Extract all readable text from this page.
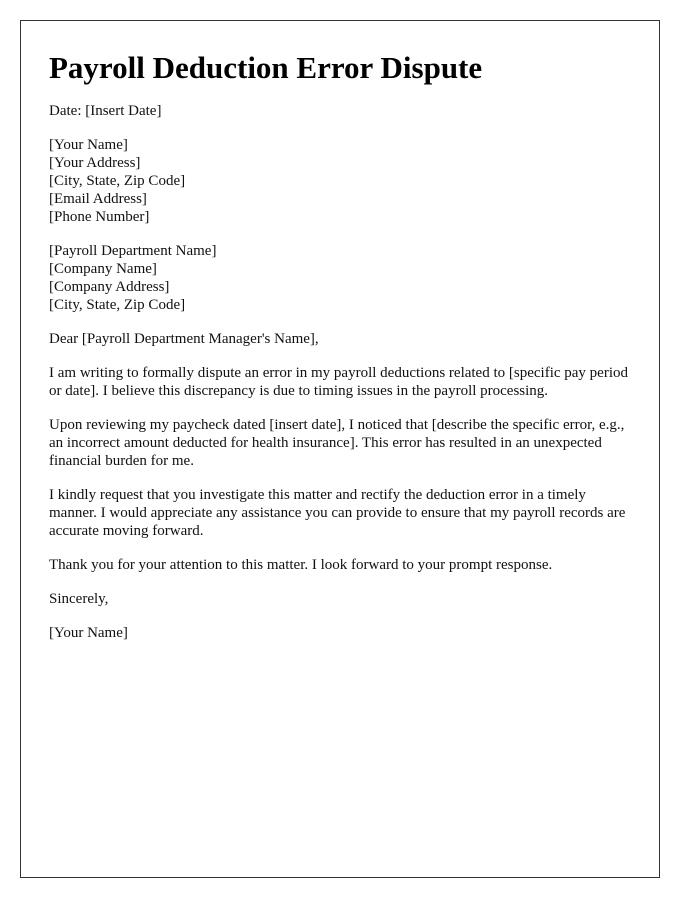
Payroll Deduction Error Dispute

Date: [Insert Date]

[Your Name]
[Your Address]
[City, State, Zip Code]
[Email Address]
[Phone Number]
[Payroll Department Name]
[Company Name]
[Company Address]
[City, State, Zip Code]

Dear [Payroll Department Manager's Name],

I am writing to formally dispute an error in my payroll deductions related to [specific pay period or date]. I believe this discrepancy is due to timing issues in the payroll processing.

Upon reviewing my paycheck dated [insert date], I noticed that [describe the specific error, e.g., an incorrect amount deducted for health insurance]. This error has resulted in an unexpected financial burden for me.

I kindly request that you investigate this matter and rectify the deduction error in a timely manner. I would appreciate any assistance you can provide to ensure that my payroll records are accurate moving forward.

Thank you for your attention to this matter. I look forward to your prompt response.

Sincerely,

[Your Name]
